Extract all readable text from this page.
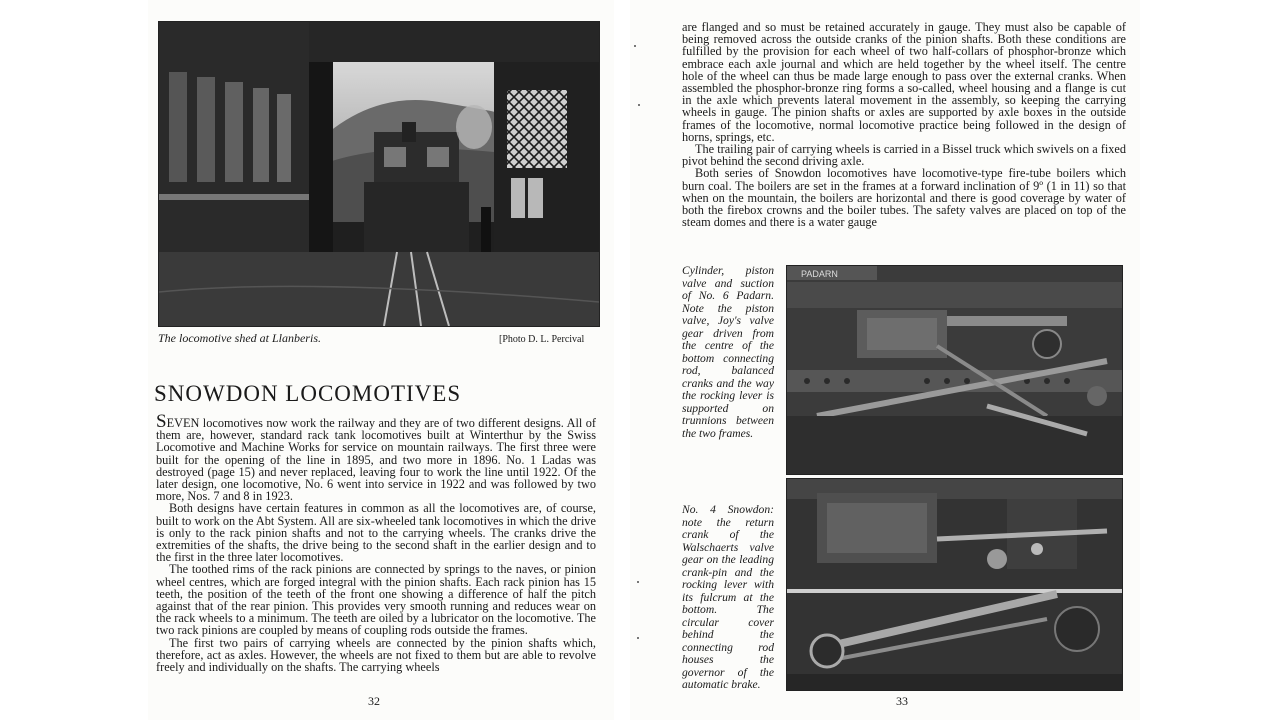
The locomotive shed at Llanberis.	[Photo D. L. Percival
SNOWDON LOCOMOTIVES

SEVEN locomotives now work the railway and they are of two different designs. All of them are, however, standard rack tank locomotives built at Winterthur by the Swiss Locomotive and Machine Works for service on mountain railways. The first three were built for the opening of the line in 1895, and two more in 1896. No. 1 Ladas was destroyed (page 15) and never replaced, leaving four to work the line until 1922. Of the later design, one locomotive, No. 6 went into service in 1922 and was followed by two more, Nos. 7 and 8 in 1923.

Both designs have certain features in common as all the locomotives are, of course, built to work on the Abt System. All are six-wheeled tank locomotives in which the drive is only to the rack pinion shafts and not to the carrying wheels. The cranks drive the extremities of the shafts, the drive being to the second shaft in the earlier design and to the first in the three later locomotives.

The toothed rims of the rack pinions are connected by springs to the naves, or pinion wheel centres, which are forged integral with the pinion shafts. Each rack pinion has 15 teeth, the position of the teeth of the front one showing a difference of half the pitch against that of the rear pinion. This provides very smooth running and reduces wear on the rack wheels to a minimum. The teeth are oiled by a lubricator on the locomotive. The two rack pinions are coupled by means of coupling rods outside the frames.

The first two pairs of carrying wheels are connected by the pinion shafts which, therefore, act as axles. However, the wheels are not fixed to them but are able to revolve freely and individually on the shafts. The carrying wheels

32

are flanged and so must be retained accurately in gauge. They must also be capable of being removed across the outside cranks of the pinion shafts. Both these conditions are fulfilled by the provision for each wheel of two half-collars of phosphor-bronze which embrace each axle journal and which are held together by the wheel itself. The centre hole of the wheel can thus be made large enough to pass over the external cranks. When assembled the phosphor-bronze ring forms a so-called, wheel housing and a flange is cut in the axle which prevents lateral movement in the assembly, so keeping the carrying wheels in gauge. The pinion shafts or axles are supported by axle boxes in the outside frames of the locomotive, normal locomotive practice being followed in the design of horns, springs, etc.

The trailing pair of carrying wheels is carried in a Bissel truck which swivels on a fixed pivot behind the second driving axle.

Both series of Snowdon locomotives have locomotive-type fire-tube boilers which burn coal. The boilers are set in the frames at a forward inclination of 9º (1 in 11) so that when on the mountain, the boilers are horizontal and there is good coverage by water of both the firebox crowns and the boiler tubes. The safety valves are placed on top of the steam domes and there is a water gauge

Cylinder, piston valve and suction of No. 6 Padarn. Note the piston valve, Joy's valve gear driven from the centre of the bottom connecting rod, balanced cranks and the way the rocking lever is supported on trunnions between the two frames.
No. 4 Snowdon: note the return crank of the Walschaerts valve gear on the leading crank-pin and the rocking lever with its fulcrum at the bottom. The circular cover behind the connecting rod houses the governor of the automatic brake.
PADARN
33
